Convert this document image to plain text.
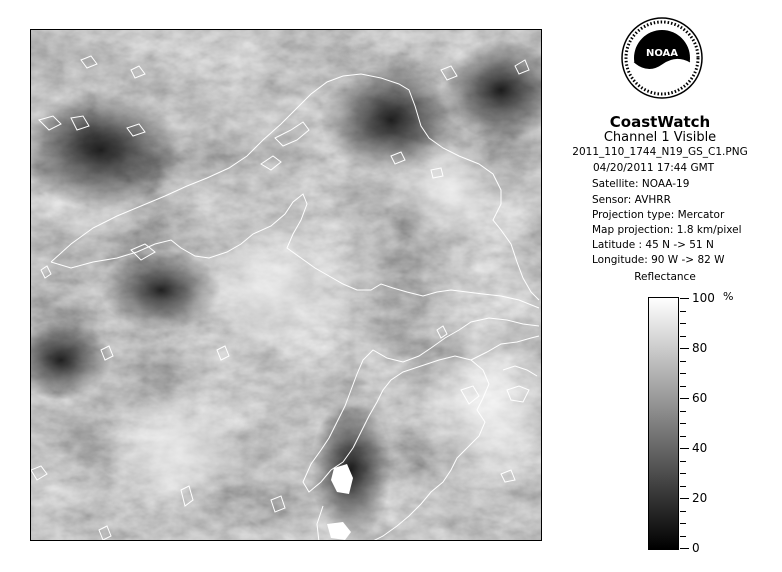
NOAA
CoastWatch
Channel 1 Visible
2011_110_1744_N19_GS_C1.PNG
04/20/2011 17:44 GMT
Satellite: NOAA-19
Sensor: AVHRR
Projection type: Mercator
Map projection: 1.8 km/pixel
Latitude : 45 N -> 51 N
Longitude: 90 W -> 82 W
Reflectance
%
100
80
60
40
20
0
